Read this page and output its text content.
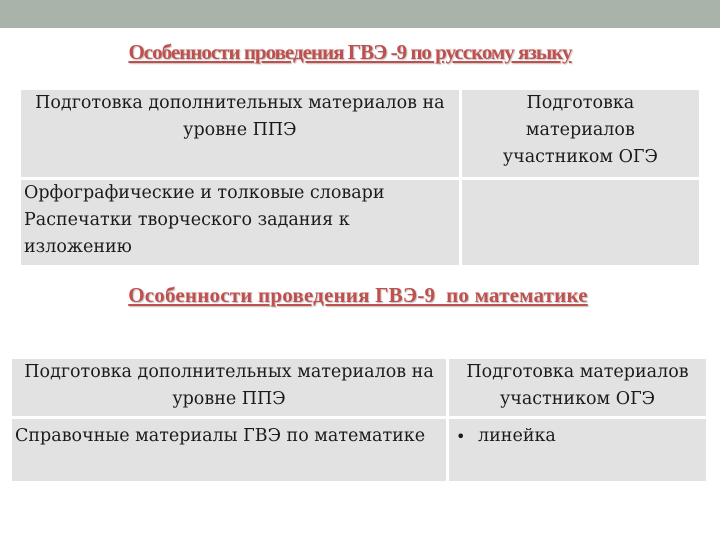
Особенности проведения ГВЭ -9 по русскому языку
Подготовка дополнительных материалов на уровне ППЭ	Подготовка материалов участником ОГЭ

Орфографические и толковые словари
Распечатки творческого задания к изложению	

Особенности проведения ГВЭ-9  по математике
Подготовка дополнительных материалов на уровне ППЭ	Подготовка материалов участником ОГЭ
Справочные материалы ГВЭ по математике	• линейка
